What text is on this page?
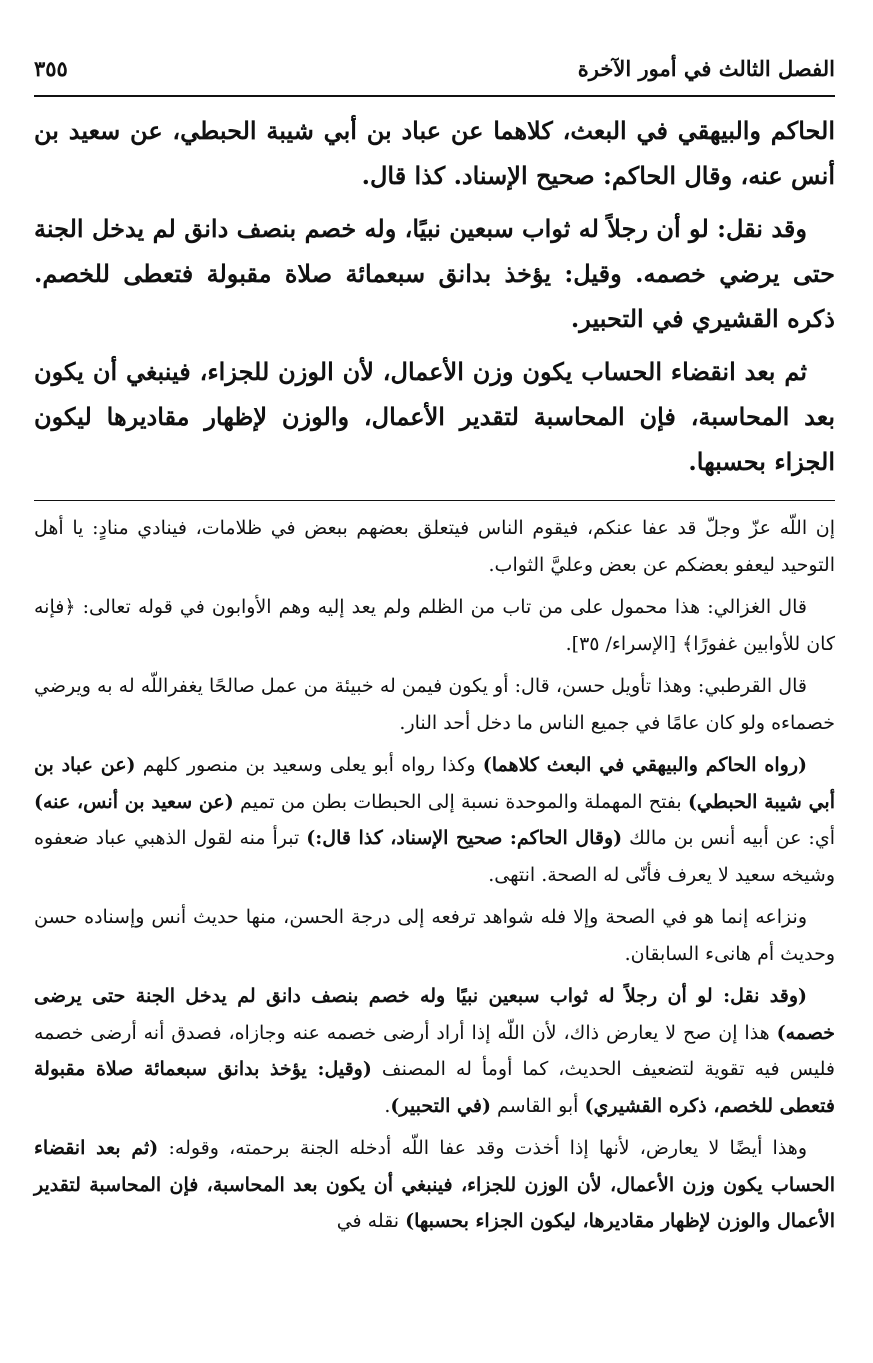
الفصل الثالث في أمور الآخرة
٣٥٥

الحاكم والبيهقي في البعث، كلاهما عن عباد بن أبي شيبة الحبطي، عن سعيد بن أنس عنه، وقال الحاكم: صحيح الإسناد. كذا قال.

وقد نقل: لو أن رجلاً له ثواب سبعين نبيًا، وله خصم بنصف دانق لم يدخل الجنة حتى يرضي خصمه. وقيل: يؤخذ بدانق سبعمائة صلاة مقبولة فتعطى للخصم. ذكره القشيري في التحبير.

ثم بعد انقضاء الحساب يكون وزن الأعمال، لأن الوزن للجزاء، فينبغي أن يكون بعد المحاسبة، فإن المحاسبة لتقدير الأعمال، والوزن لإظهار مقاديرها ليكون الجزاء بحسبها.

إن اللّه عزّ وجلّ قد عفا عنكم، فيقوم الناس فيتعلق بعضهم ببعض في ظلامات، فينادي منادٍ: يا أهل التوحيد ليعفو بعضكم عن بعض وعليَّ الثواب.

قال الغزالي: هذا محمول على من تاب من الظلم ولم يعد إليه وهم الأوابون في قوله تعالى: ﴿فإنه كان للأوابين غفورًا﴾ [الإسراء/ ٣٥].

قال القرطبي: وهذا تأويل حسن، قال: أو يكون فيمن له خبيئة من عمل صالحًا يغفراللّه له به ويرضي خصماءه ولو كان عامًا في جميع الناس ما دخل أحد النار.

(رواه الحاكم والبيهقي في البعث كلاهما) وكذا رواه أبو يعلى وسعيد بن منصور كلهم (عن عباد بن أبي شيبة الحبطي) بفتح المهملة والموحدة نسبة إلى الحبطات بطن من تميم (عن سعيد بن أنس، عنه) أي: عن أبيه أنس بن مالك (وقال الحاكم: صحيح الإسناد، كذا قال:) تبرأ منه لقول الذهبي عباد ضعفوه وشيخه سعيد لا يعرف فأنّى له الصحة. انتهى.

ونزاعه إنما هو في الصحة وإلا فله شواهد ترفعه إلى درجة الحسن، منها حديث أنس وإسناده حسن وحديث أم هانىء السابقان.

(وقد نقل: لو أن رجلاً له ثواب سبعين نبيًا وله خصم بنصف دانق لم يدخل الجنة حتى يرضى خصمه) هذا إن صح لا يعارض ذاك، لأن اللّه إذا أراد أرضى خصمه عنه وجازاه، فصدق أنه أرضى خصمه فليس فيه تقوية لتضعيف الحديث، كما أومأ له المصنف (وقيل: يؤخذ بدانق سبعمائة صلاة مقبولة فتعطى للخصم، ذكره القشيري) أبو القاسم (في التحبير).

وهذا أيضًا لا يعارض، لأنها إذا أخذت وقد عفا اللّه أدخله الجنة برحمته، وقوله: (ثم بعد انقضاء الحساب يكون وزن الأعمال، لأن الوزن للجزاء، فينبغي أن يكون بعد المحاسبة، فإن المحاسبة لتقدير الأعمال والوزن لإظهار مقاديرها، ليكون الجزاء بحسبها) نقله في
